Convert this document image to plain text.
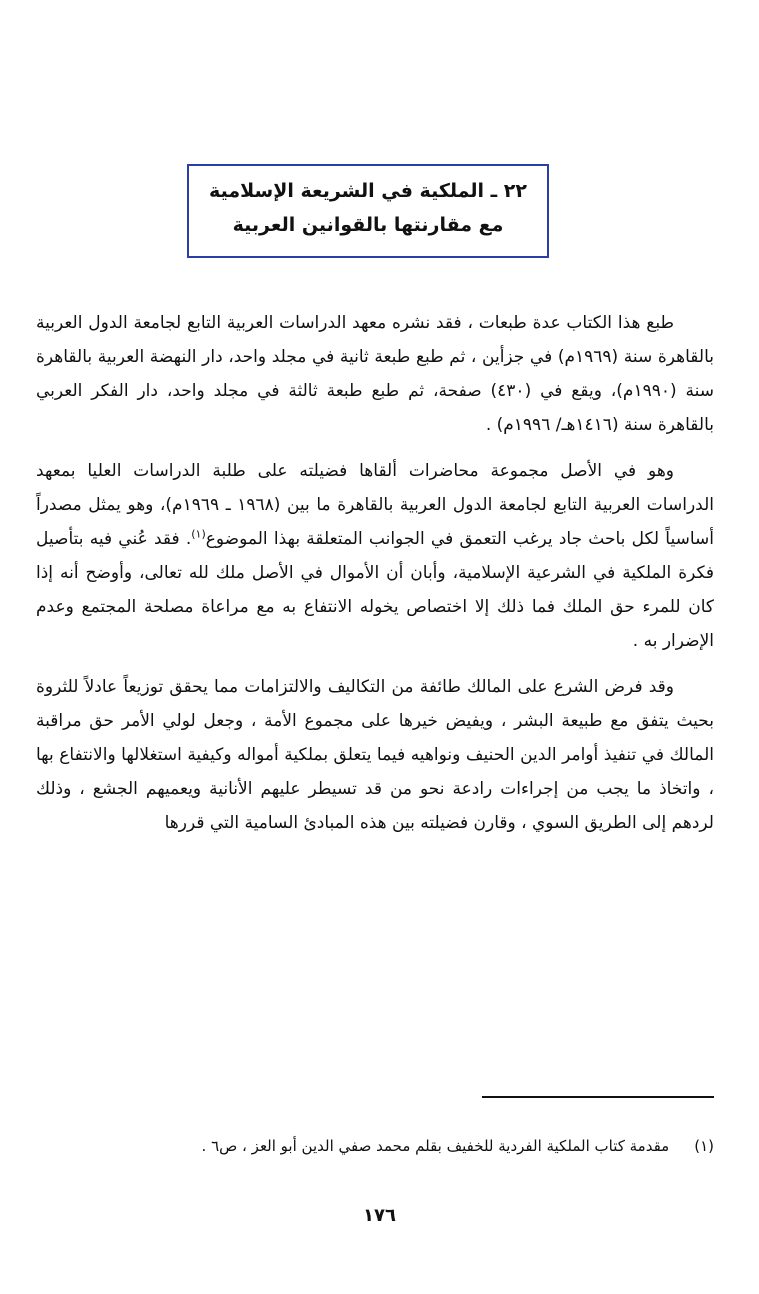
٢٢ ـ الملكية في الشريعة الإسلامية
مع مقارنتها بالقوانين العربية

طبع هذا الكتاب عدة طبعات ، فقد نشره معهد الدراسات العربية التابع لجامعة الدول العربية بالقاهرة سنة (١٩٦٩م) في جزأين ، ثم طبع طبعة ثانية في مجلد واحد، دار النهضة العربية بالقاهرة سنة (١٩٩٠م)، ويقع في (٤٣٠) صفحة، ثم طبع طبعة ثالثة في مجلد واحد، دار الفكر العربي بالقاهرة سنة (١٤١٦هـ/ ١٩٩٦م) .

وهو في الأصل مجموعة محاضرات ألقاها فضيلته على طلبة الدراسات العليا بمعهد الدراسات العربية التابع لجامعة الدول العربية بالقاهرة ما بين (١٩٦٨ ـ ١٩٦٩م)، وهو يمثل مصدراً أساسياً لكل باحث جاد يرغب التعمق في الجوانب المتعلقة بهذا الموضوع$^{(١)}$. فقد عُني فيه بتأصيل فكرة الملكية في الشرعية الإسلامية، وأبان أن الأموال في الأصل ملك لله تعالى، وأوضح أنه إذا كان للمرء حق الملك فما ذلك إلا اختصاص يخوله الانتفاع به مع مراعاة مصلحة المجتمع وعدم الإضرار به .

وقد فرض الشرع على المالك طائفة من التكاليف والالتزامات مما يحقق توزيعاً عادلاً للثروة بحيث يتفق مع طبيعة البشر ، ويفيض خيرها على مجموع الأمة ، وجعل لولي الأمر حق مراقبة المالك في تنفيذ أوامر الدين الحنيف ونواهيه فيما يتعلق بملكية أمواله وكيفية استغلالها والانتفاع بها ، واتخاذ ما يجب من إجراءات رادعة نحو من قد تسيطر عليهم الأنانية ويعميهم الجشع ، وذلك لردهم إلى الطريق السوي ، وقارن فضيلته بين هذه المبادئ السامية التي قررها

(١) مقدمة كتاب الملكية الفردية للخفيف بقلم محمد صفي الدين أبو العز ، ص٦ .
١٧٦
